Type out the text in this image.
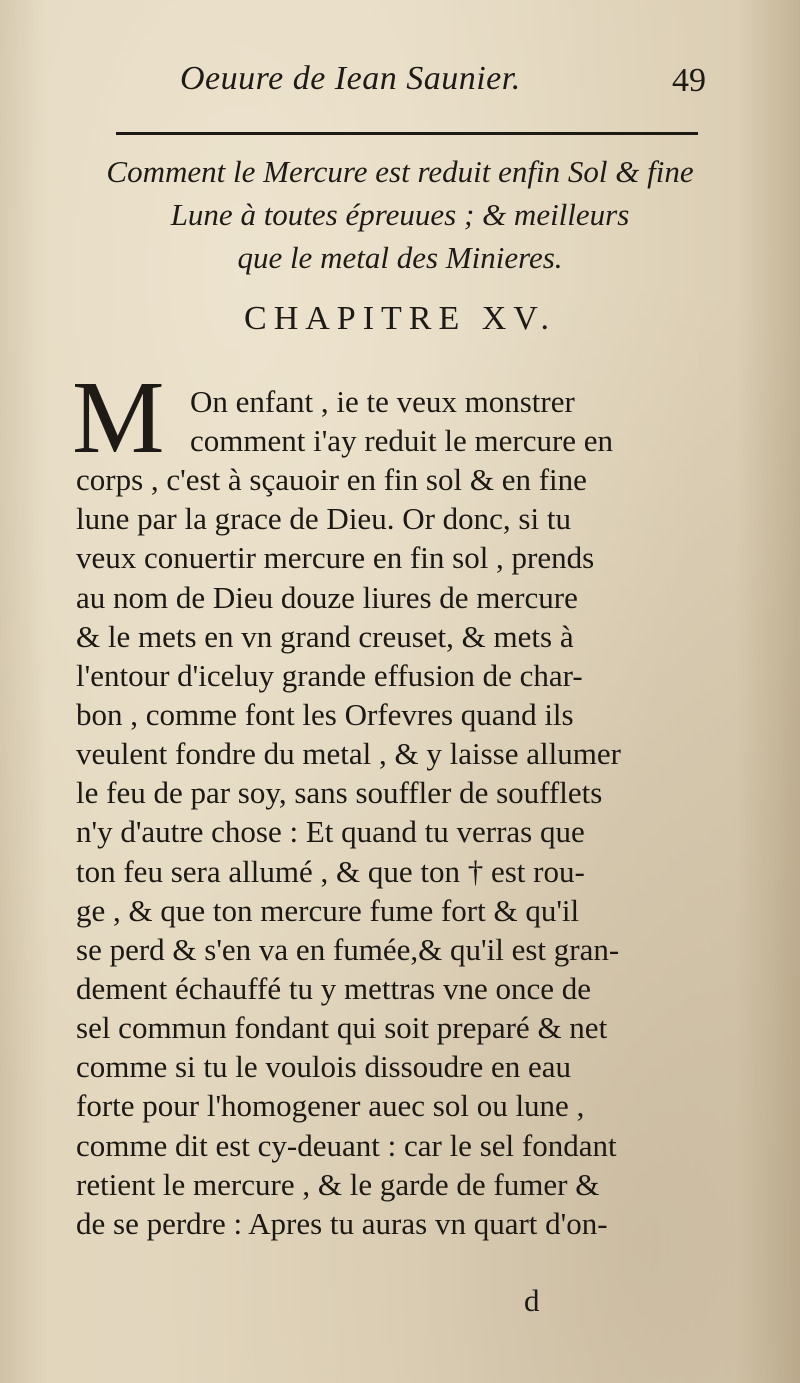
Oeuure de Iean Saunier.	49
Comment le Mercure est reduit enfin Sol & fine
Lune à toutes épreuues ; & meilleurs
que le metal des Minieres.
CHAPITRE XV.
M On enfant , ie te veux monstrer
comment i'ay reduit le mercure en
corps , c'est à sçauoir en fin sol & en fine
lune par la grace de Dieu. Or donc, si tu
veux conuertir mercure en fin sol , prends
au nom de Dieu douze liures de mercure
& le mets en vn grand creuset, & mets à
l'entour d'iceluy grande effusion de char-
bon , comme font les Orfevres quand ils
veulent fondre du metal , & y laisse allumer
le feu de par soy, sans souffler de soufflets
n'y d'autre chose : Et quand tu verras que
ton feu sera allumé , & que ton † est rou-
ge , & que ton mercure fume fort & qu'il
se perd & s'en va en fumée,& qu'il est gran-
dement échauffé tu y mettras vne once de
sel commun fondant qui soit preparé & net
comme si tu le voulois dissoudre en eau
forte pour l'homogener auec sol ou lune ,
comme dit est cy-deuant : car le sel fondant
retient le mercure , & le garde de fumer &
de se perdre : Apres tu auras vn quart d'on-
d
